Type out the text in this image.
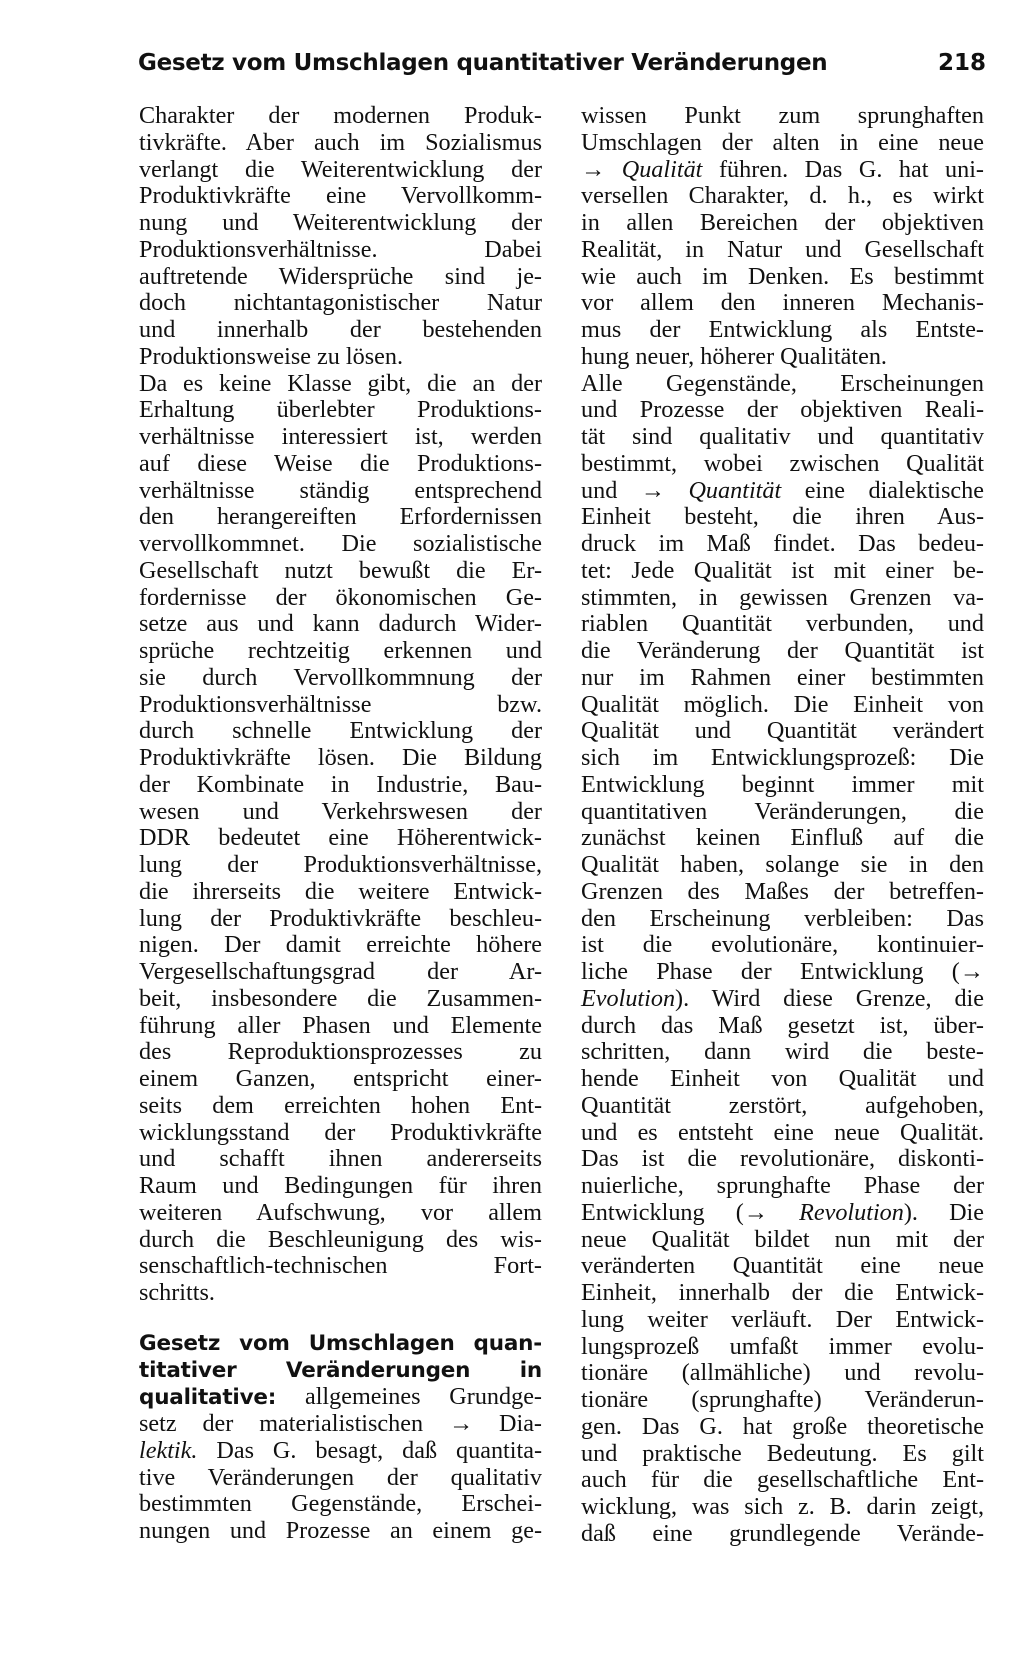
Gesetz vom Umschlagen quantitativer Veränderungen	218
Charakter der modernen Produk-
tivkräfte. Aber auch im Sozialismus
verlangt die Weiterentwicklung der
Produktivkräfte eine Vervollkomm-
nung und Weiterentwicklung der
Produktionsverhältnisse. Dabei
auftretende Widersprüche sind je-
doch nichtantagonistischer Natur
und innerhalb der bestehenden
Produktionsweise zu lösen.
Da es keine Klasse gibt, die an der
Erhaltung überlebter Produktions-
verhältnisse interessiert ist, werden
auf diese Weise die Produktions-
verhältnisse ständig entsprechend
den herangereiften Erfordernissen
vervollkommnet. Die sozialistische
Gesellschaft nutzt bewußt die Er-
fordernisse der ökonomischen Ge-
setze aus und kann dadurch Wider-
sprüche rechtzeitig erkennen und
sie durch Vervollkommnung der
Produktionsverhältnisse bzw.
durch schnelle Entwicklung der
Produktivkräfte lösen. Die Bildung
der Kombinate in Industrie, Bau-
wesen und Verkehrswesen der
DDR bedeutet eine Höherentwick-
lung der Produktionsverhältnisse,
die ihrerseits die weitere Entwick-
lung der Produktivkräfte beschleu-
nigen. Der damit erreichte höhere
Vergesellschaftungsgrad der Ar-
beit, insbesondere die Zusammen-
führung aller Phasen und Elemente
des Reproduktionsprozesses zu
einem Ganzen, entspricht einer-
seits dem erreichten hohen Ent-
wicklungsstand der Produktivkräfte
und schafft ihnen andererseits
Raum und Bedingungen für ihren
weiteren Aufschwung, vor allem
durch die Beschleunigung des wis-
senschaftlich-technischen Fort-
schritts.
Gesetz vom Umschlagen quan-
titativer Veränderungen in
qualitative: allgemeines Grundge-
setz der materialistischen → Dia-
lektik. Das G. besagt, daß quantita-
tive Veränderungen der qualitativ
bestimmten Gegenstände, Erschei-
nungen und Prozesse an einem ge-
wissen Punkt zum sprunghaften
Umschlagen der alten in eine neue
→ Qualität führen. Das G. hat uni-
versellen Charakter, d. h., es wirkt
in allen Bereichen der objektiven
Realität, in Natur und Gesellschaft
wie auch im Denken. Es bestimmt
vor allem den inneren Mechanis-
mus der Entwicklung als Entste-
hung neuer, höherer Qualitäten.
Alle Gegenstände, Erscheinungen
und Prozesse der objektiven Reali-
tät sind qualitativ und quantitativ
bestimmt, wobei zwischen Qualität
und → Quantität eine dialektische
Einheit besteht, die ihren Aus-
druck im Maß findet. Das bedeu-
tet: Jede Qualität ist mit einer be-
stimmten, in gewissen Grenzen va-
riablen Quantität verbunden, und
die Veränderung der Quantität ist
nur im Rahmen einer bestimmten
Qualität möglich. Die Einheit von
Qualität und Quantität verändert
sich im Entwicklungsprozeß: Die
Entwicklung beginnt immer mit
quantitativen Veränderungen, die
zunächst keinen Einfluß auf die
Qualität haben, solange sie in den
Grenzen des Maßes der betreffen-
den Erscheinung verbleiben: Das
ist die evolutionäre, kontinuier-
liche Phase der Entwicklung (→
Evolution). Wird diese Grenze, die
durch das Maß gesetzt ist, über-
schritten, dann wird die beste-
hende Einheit von Qualität und
Quantität zerstört, aufgehoben,
und es entsteht eine neue Qualität.
Das ist die revolutionäre, diskonti-
nuierliche, sprunghafte Phase der
Entwicklung (→ Revolution). Die
neue Qualität bildet nun mit der
veränderten Quantität eine neue
Einheit, innerhalb der die Entwick-
lung weiter verläuft. Der Entwick-
lungsprozeß umfaßt immer evolu-
tionäre (allmähliche) und revolu-
tionäre (sprunghafte) Veränderun-
gen. Das G. hat große theoretische
und praktische Bedeutung. Es gilt
auch für die gesellschaftliche Ent-
wicklung, was sich z. B. darin zeigt,
daß eine grundlegende Verände-
